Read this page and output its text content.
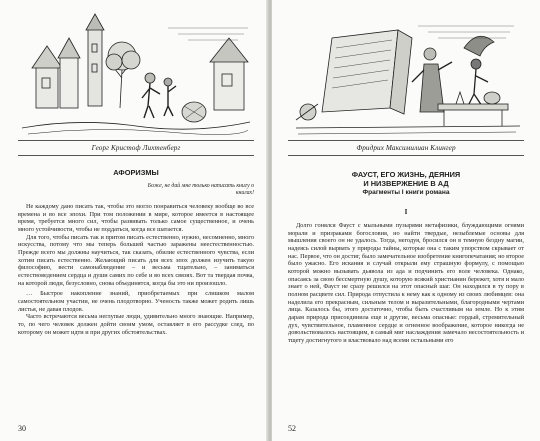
Георг Кристоф Лихтенберг

АФОРИЗМЫ

Боже, не дай мне только написать книгу о книгах!

Не каждому дано писать так, чтобы это могло понравиться человеку вообще во все времена и во все эпохи. При том положении в мире, которое имеется в настоящее время, требуется много сил, чтобы развивать только самое существенное, и очень много устойчивости, чтобы не поддаться, когда все шатается.

Для того, чтобы писать так и притом писать естественно, нужно, несомненно, много искусства, потому что мы теперь большей частью заражены неестественностью. Прежде всего мы должны научиться, так сказать, обилие естественного чувства, если хотим писать естественно. Желающий писать для всех эпох должен изучить такую философию, вести самонаблюдение – и весьма тщательно, – заниматься естествоведением сердца и души самих по себе и во всех связях. Вот та твердая почва, на которой люди, безусловно, снова объединятся, когда бы это ни произошло.

… Быстрое накопление знаний, приобретаемых при слишком малом самостоятельном участии, не очень плодотворно. Ученость также может родить лишь листья, не давая плодов.

Часто встречаются весьма неглупые люди, удивительно много знающие. Например, то, по чего человек должен дойти своим умом, оставляет в его рассудке след, по которому он может идти и при других обстоятельствах.

30

Фридрих Максимилиан Клингер

ФАУСТ, ЕГО ЖИЗНЬ, ДЕЯНИЯ

И НИЗВЕРЖЕНИЕ В АД

Фрагменты I книги романа

I

Долго гонялся Фауст с мыльными пузырями метафизики, блуждающими огнями морали и призраками богословия, но найти твердые, незыблемые основы для мышления своего он не удалось. Тогда, негодуя, бросился он в темную бездну магии, надеясь силой вырвать у природы тайны, которые она с таким упорством скрывает от нас. Первое, что он достиг, было замечательное изобретение книгопечатания; но второе было ужасно. Его искания и случай открыли ему страшную формулу, с помощью которой можно вызывать дьявола из ада и подчинить его воле человека. Однако, опасаясь за свою бессмертную душу, которую всякий христианин бережет, хотя и мало знает о ней, Фауст не сразу решился на этот опасный шаг. Он находился в ту пору в полном расцвете сил. Природа отпустила к нему как к одному из своих любимцев: она наделила его прекрасным, сильным телом и выразительными, благородными чертами лица. Казалось бы, этого достаточно, чтобы быть счастливым на земле. Но к этим дарам природа присоединила еще и другие, весьма опасные: гордый, стремительный дух, чувствительное, пламенное сердце и огненное воображение, которое никогда не довольствовалось настоящим, в самый миг наслаждения замечало несостоятельность и тщету достигнутого и властвовало над всеми остальными его

52
